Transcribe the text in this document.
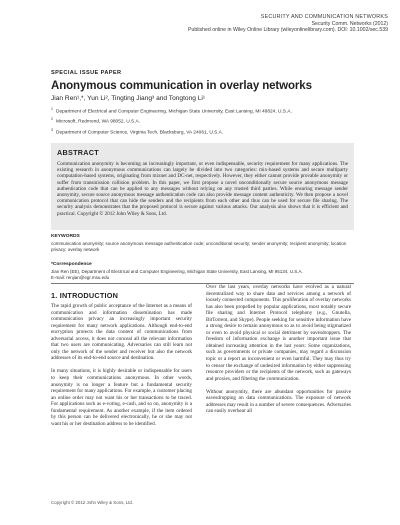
SECURITY AND COMMUNICATION NETWORKS
Security Comm. Networks (2012)
Published online in Wiley Online Library (wileyonlinelibrary.com). DOI: 10.1002/sec.539
SPECIAL ISSUE PAPER
Anonymous communication in overlay networks
Jian Ren¹,*, Yun Li², Tingting Jiang³ and Tongtong Li¹
$^1$Department of Electrical and Computer Engineering, Michigan State University, East Lansing, MI 48824, U.S.A.
$^2$Microsoft, Redmond, WA 98052, U.S.A.
$^3$Department of Computer Science, Virginia Tech, Blacksburg, VA 24061, U.S.A.
ABSTRACT
Communication anonymity is becoming an increasingly important, or even indispensable, security requirement for many applications. The existing research in anonymous communications can largely be divided into two categories: mix-based systems and secure multiparty computation-based systems, originating from mixnet and DC-net, respectively. However, they either cannot provide provable anonymity or suffer from transmission collision problem. In this paper, we first propose a novel unconditionally secure source anonymous message authentication code that can be applied to any messages without relying on any trusted third parties. While ensuring message sender anonymity, secure source anonymous message authentication code can also provide message content authenticity. We then propose a novel communication protocol that can hide the senders and the recipients from each other and thus can be used for secure file sharing. The security analysis demonstrates that the proposed protocol is secure against various attacks. Our analysis also shows that it is efficient and practical. Copyright © 2012 John Wiley & Sons, Ltd.
KEYWORDS
communication anonymity; source anonymous message authentication code; unconditional security; sender anonymity; recipient anonymity; location privacy; overlay network
*Correspondence
Jian Ren (EE), Department of Electrical and Computer Engineering, Michigan State University, East Lansing, MI 95134, U.S.A.
E-mail: renjian@egr.msu.edu
1. INTRODUCTION

The rapid growth of public acceptance of the Internet as a means of communication and information dissemination has made communication privacy an increasingly important security requirement for many network applications. Although end-to-end encryption protects the data content of communications from adversarial access, it does not conceal all the relevant information that two users are communicating. Adversaries can still learn not only the network of the sender and receiver but also the network addresses of its end-to-end source and destination.

In many situations, it is highly desirable or indispensable for users to keep their communications anonymous. In other words, anonymity is no longer a feature but a fundamental security requirement for many applications. For example, a customer placing an online order may not want his or her transactions to be traced. For applications such as e-voting, e-cash, and so on, anonymity is a fundamental requirement. As another example, if the item ordered by this person can be delivered electronically, he or she may not want his or her destination address to be identified.

Over the last years, overlay networks have evolved as a natural decentralized way to share data and services among a network of loosely connected components. This proliferation of overlay networks has also been propelled by popular applications, most notably secure file sharing and Internet Protocol telephony (e.g., Gnutella, BitTorrent, and Skype). People seeking for sensitive information have a strong desire to remain anonymous so as to avoid being stigmatized or even to avoid physical or social detriment by eavesdroppers. The freedom of information exchange is another important issue that obtained increasing attention in the last years: Some organizations, such as governments or private companies, may regard a discussion topic or a report as inconvenient or even harmful. They may thus try to censor the exchange of undesired information by either suppressing resource providers or the recipients of the network, such as gateways and proxies, and filtering the communication.

Without anonymity, there are abundant opportunities for passive eavesdropping on data communications. The exposure of network addresses may result in a number of severe consequences. Adversaries can easily overhear all

Copyright © 2012 John Wiley & Sons, Ltd.
